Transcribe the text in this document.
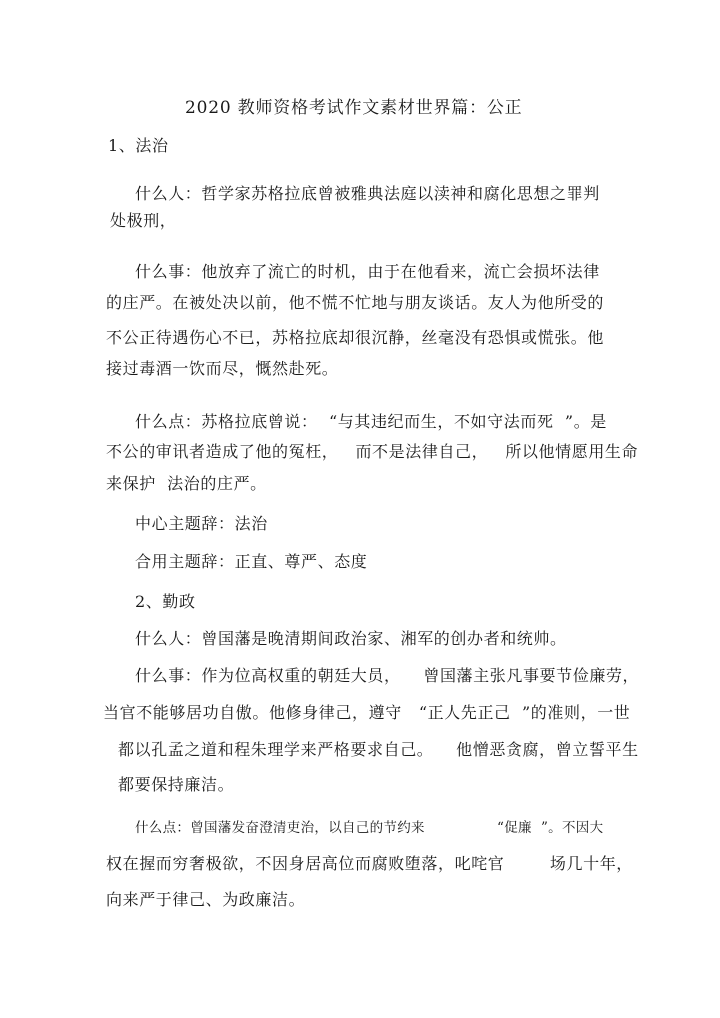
2020 教师资格考试作文素材世界篇：公正
1、法治
什么人：哲学家苏格拉底曾被雅典法庭以渎神和腐化思想之罪判
处极刑，
什么事：他放弃了流亡的时机，由于在他看来，流亡会损坏法律
的庄严。在被处决以前，他不慌不忙地与朋友谈话。友人为他所受的
不公正待遇伤心不已，苏格拉底却很沉静，丝毫没有恐惧或慌张。他
接过毒酒一饮而尽，慨然赴死。
什么点：苏格拉底曾说：  “与其违纪而生，不如守法而死  ”。是
不公的审讯者造成了他的冤枉，   而不是法律自己，   所以他情愿用生命
来保护  法治的庄严。
中心主题辞：法治
合用主题辞：正直、尊严、态度
2、勤政
什么人：曾国藩是晚清期间政治家、湘军的创办者和统帅。
什么事：作为位高权重的朝廷大员，    曾国藩主张凡事要节俭廉劳，
当官不能够居功自傲。他修身律己，遵守   “正人先正己  ”的准则，一世
都以孔孟之道和程朱理学来严格要求自己。    他憎恶贪腐，曾立誓平生
都要保持廉洁。
什么点：曾国藩发奋澄清吏治，以自己的节约来	“促廉  ”。不因大
权在握而穷奢极欲，不因身居高位而腐败堕落，叱咤官        场几十年，
向来严于律己、为政廉洁。
